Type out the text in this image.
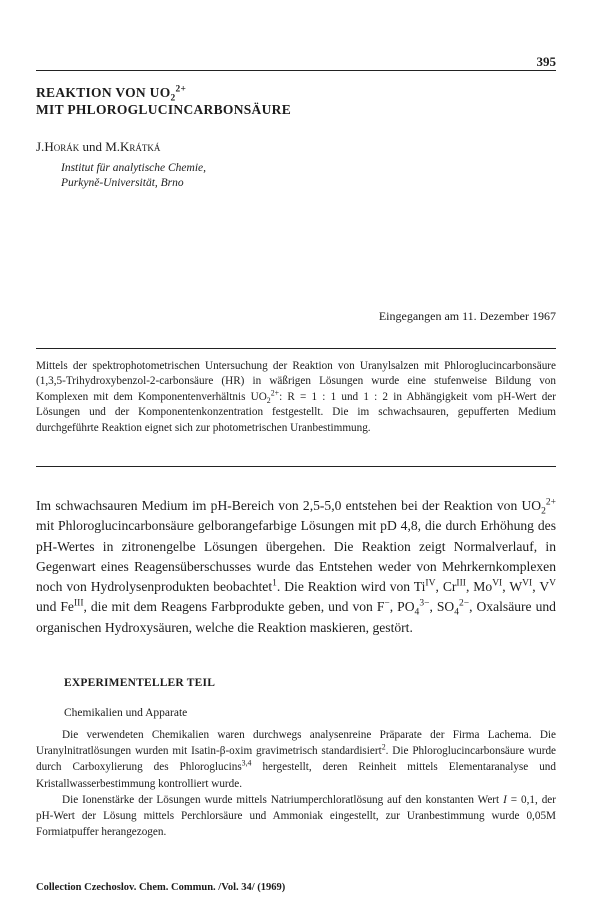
395
REAKTION VON $UO_2^{2+}$
MIT PHLOROGLUCINCARBONSÄURE
J.Horák und M.Krátká
Institut für analytische Chemie,
Purkyně-Universität, Brno
Eingegangen am 11. Dezember 1967
Mittels der spektrophotometrischen Untersuchung der Reaktion von Uranylsalzen mit Phloroglucincarbonsäure (1,3,5-Trihydroxybenzol-2-carbonsäure (HR) in wäßrigen Lösungen wurde eine stufenweise Bildung von Komplexen mit dem Komponentenverhältnis $UO_2^{2+}$: R = 1 : 1 und 1 : 2 in Abhängigkeit vom pH-Wert der Lösungen und der Komponentenkonzentration festgestellt. Die im schwachsauren, gepufferten Medium durchgeführte Reaktion eignet sich zur photometrischen Uranbestimmung.
Im schwachsauren Medium im pH-Bereich von 2,5-5,0 entstehen bei der Reaktion von $UO_2^{2+}$ mit Phloroglucincarbonsäure gelborangefarbige Lösungen mit pD 4,8, die durch Erhöhung des pH-Wertes in zitronengelbe Lösungen übergehen. Die Reaktion zeigt Normalverlauf, in Gegenwart eines Reagensüberschusses wurde das Entstehen weder von Mehrkernkomplexen noch von Hydrolysenprodukten beobachtet$^1$. Die Reaktion wird von $Ti^{IV}$, $Cr^{III}$, $Mo^{VI}$, $W^{VI}$, $V^V$ und $Fe^{III}$, die mit dem Reagens Farbprodukte geben, und von F−, $PO_4^{3-}$, $SO_4^{2-}$, Oxalsäure und organischen Hydroxysäuren, welche die Reaktion maskieren, gestört.
EXPERIMENTELLER TEIL
Chemikalien und Apparate

Die verwendeten Chemikalien waren durchwegs analysenreine Präparate der Firma Lachema. Die Uranylnitratlösungen wurden mit Isatin-β-oxim gravimetrisch standardisiert$^2$. Die Phloroglucincarbonsäure wurde durch Carboxylierung des Phloroglucins$^{3,4}$ hergestellt, deren Reinheit mittels Elementaranalyse und Kristallwasserbestimmung kontrolliert wurde.

Die Ionenstärke der Lösungen wurde mittels Natriumperchloratlösung auf den konstanten Wert I = 0,1, der pH-Wert der Lösung mittels Perchlorsäure und Ammoniak eingestellt, zur Uranbestimmung wurde 0,05M Formiatpuffer herangezogen.

Collection Czechoslov. Chem. Commun. /Vol. 34/ (1969)
